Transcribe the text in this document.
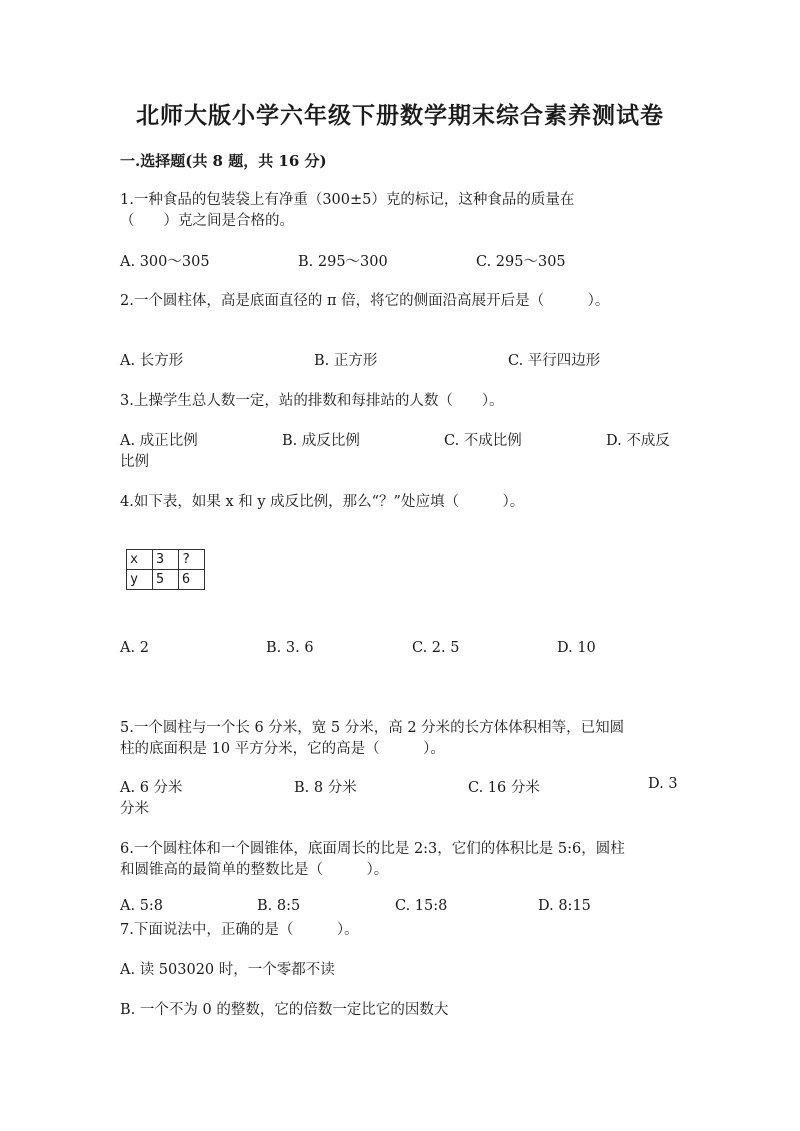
北师大版小学六年级下册数学期末综合素养测试卷
一.选择题(共 8 题，共 16 分)
1.一种食品的包装袋上有净重（300±5）克的标记，这种食品的质量在
（　　）克之间是合格的。
A. 300～305	B. 295～300	C. 295～305
2.一个圆柱体，高是底面直径的 π 倍，将它的侧面沿高展开后是（　　　）。
A. 长方形	B. 正方形	C. 平行四边形
3.上操学生总人数一定，站的排数和每排站的人数（　　）。
A. 成正比例	B. 成反比例	C. 不成比例	D. 不成反
比例
4.如下表，如果 x 和 y 成反比例，那么“？”处应填（　　　）。
x	3	?
y	5	6
A. 2	B. 3. 6	C. 2. 5	D. 10
5.一个圆柱与一个长 6 分米，宽 5 分米，高 2 分米的长方体体积相等，已知圆
柱的底面积是 10 平方分米，它的高是（　　　）。
A. 6 分米	B. 8 分米	C. 16 分米	D. 3
分米
6.一个圆柱体和一个圆锥体，底面周长的比是 2:3，它们的体积比是 5:6，圆柱
和圆锥高的最简单的整数比是（　　　）。
A. 5:8	B. 8:5	C. 15:8	D. 8:15
7.下面说法中，正确的是（　　　）。
A. 读 503020 时，一个零都不读
B. 一个不为 0 的整数，它的倍数一定比它的因数大
